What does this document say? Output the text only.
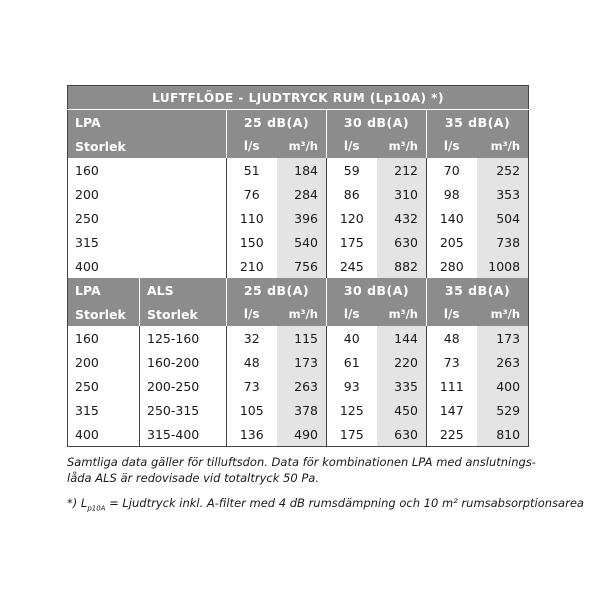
LUFTFLÖDE - LJUDTRYCK RUM (Lp10A) *)							
LPA		25 dB(A)		30 dB(A)		35 dB(A)	
Storlek		l/s	m³/h	l/s	m³/h	l/s	m³/h
160		51	184	59	212	70	252
200		76	284	86	310	98	353
250		110	396	120	432	140	504
315		150	540	175	630	205	738
400		210	756	245	882	280	1008
LPA	ALS	25 dB(A)		30 dB(A)		35 dB(A)	
Storlek	Storlek	l/s	m³/h	l/s	m³/h	l/s	m³/h
160	125-160	32	115	40	144	48	173
200	160-200	48	173	61	220	73	263
250	200-250	73	263	93	335	111	400
315	250-315	105	378	125	450	147	529
400	315-400	136	490	175	630	225	810
Samtliga data gäller för tilluftsdon. Data för kombinationen LPA med anslutnings-låda ALS är redovisade vid totaltryck 50 Pa.
*) $L_{p10A}$ = Ljudtryck inkl. A-filter med 4 dB rumsdämpning och 10 m² rumsabsorptionsarea
